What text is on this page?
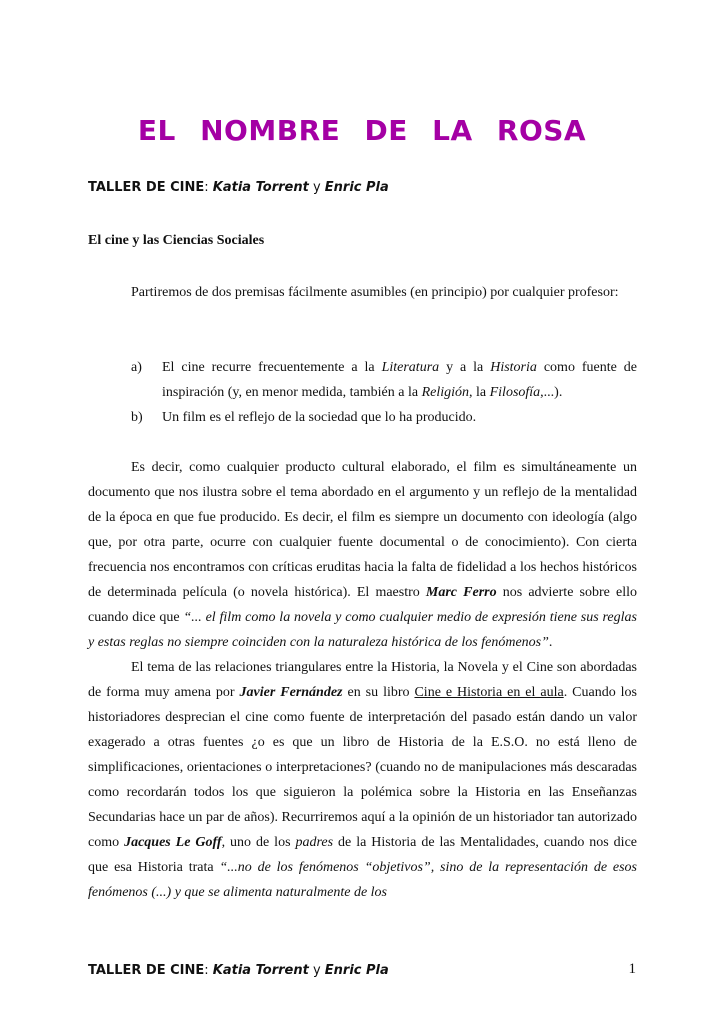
EL NOMBRE DE LA ROSA

TALLER DE CINE: Katia Torrent y Enric Pla

El cine y las Ciencias Sociales

Partiremos de dos premisas fácilmente asumibles (en principio) por cualquier profesor:

a)	El cine recurre frecuentemente a la Literatura y a la Historia como fuente de inspiración (y, en menor medida, también a la Religión, la Filosofía,...).
b)	Un film es el reflejo de la sociedad que lo ha producido.

Es decir, como cualquier producto cultural elaborado, el film es simultáneamente un documento que nos ilustra sobre el tema abordado en el argumento y un reflejo de la mentalidad de la época en que fue producido. Es decir, el film es siempre un documento con ideología (algo que, por otra parte, ocurre con cualquier fuente documental o de conocimiento). Con cierta frecuencia nos encontramos con críticas eruditas hacia la falta de fidelidad a los hechos históricos de determinada película (o novela histórica). El maestro Marc Ferro nos advierte sobre ello cuando dice que “... el film como la novela y como cualquier medio de expresión tiene sus reglas y estas reglas no siempre coinciden con la naturaleza histórica de los fenómenos”.

El tema de las relaciones triangulares entre la Historia, la Novela y el Cine son abordadas de forma muy amena por Javier Fernández en su libro Cine e Historia en el aula. Cuando los historiadores desprecian el cine como fuente de interpretación del pasado están dando un valor exagerado a otras fuentes ¿o es que un libro de Historia de la E.S.O. no está lleno de simplificaciones, orientaciones o interpretaciones? (cuando no de manipulaciones más descaradas como recordarán todos los que siguieron la polémica sobre la Historia en las Enseñanzas Secundarias hace un par de años). Recurriremos aquí a la opinión de un historiador tan autorizado como Jacques Le Goff, uno de los padres de la Historia de las Mentalidades, cuando nos dice que esa Historia trata “...no de los fenómenos “objetivos”, sino de la representación de esos fenómenos (...) y que se alimenta naturalmente de los

TALLER DE CINE: Katia Torrent y Enric Pla	1
